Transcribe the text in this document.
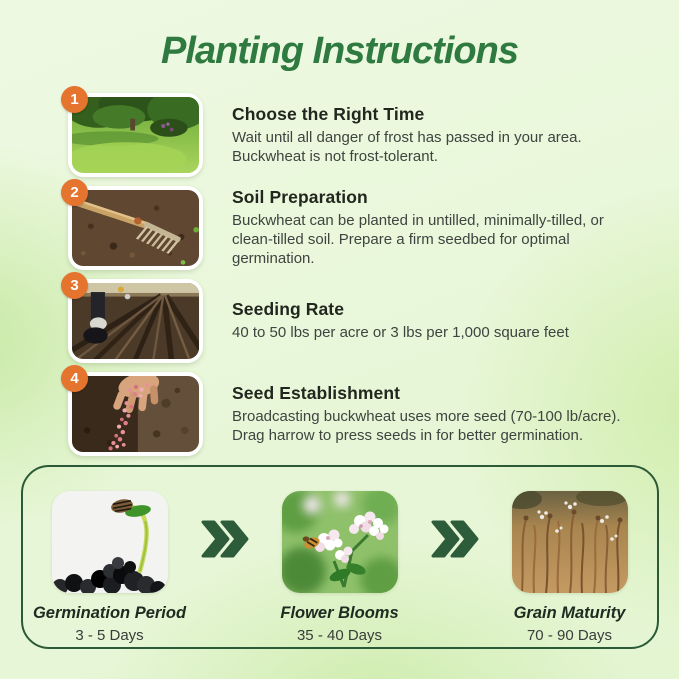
Planting Instructions
1
Choose the Right Time
Wait until all danger of frost has passed in your area. Buckwheat is not frost-tolerant.
2	Soil Preparation
Buckwheat can be planted in untilled, minimally-tilled, or clean-tilled soil. Prepare a firm seedbed for optimal germination.
3
Seeding Rate
40 to 50 lbs per acre or 3 lbs per 1,000 square feet
4
Seed Establishment
Broadcasting buckwheat uses more seed (70-100 lb/acre). Drag harrow to press seeds in for better germination.
Germination Period
3 - 5 Days
Flower Blooms
35 - 40 Days
Grain Maturity
70 - 90 Days
